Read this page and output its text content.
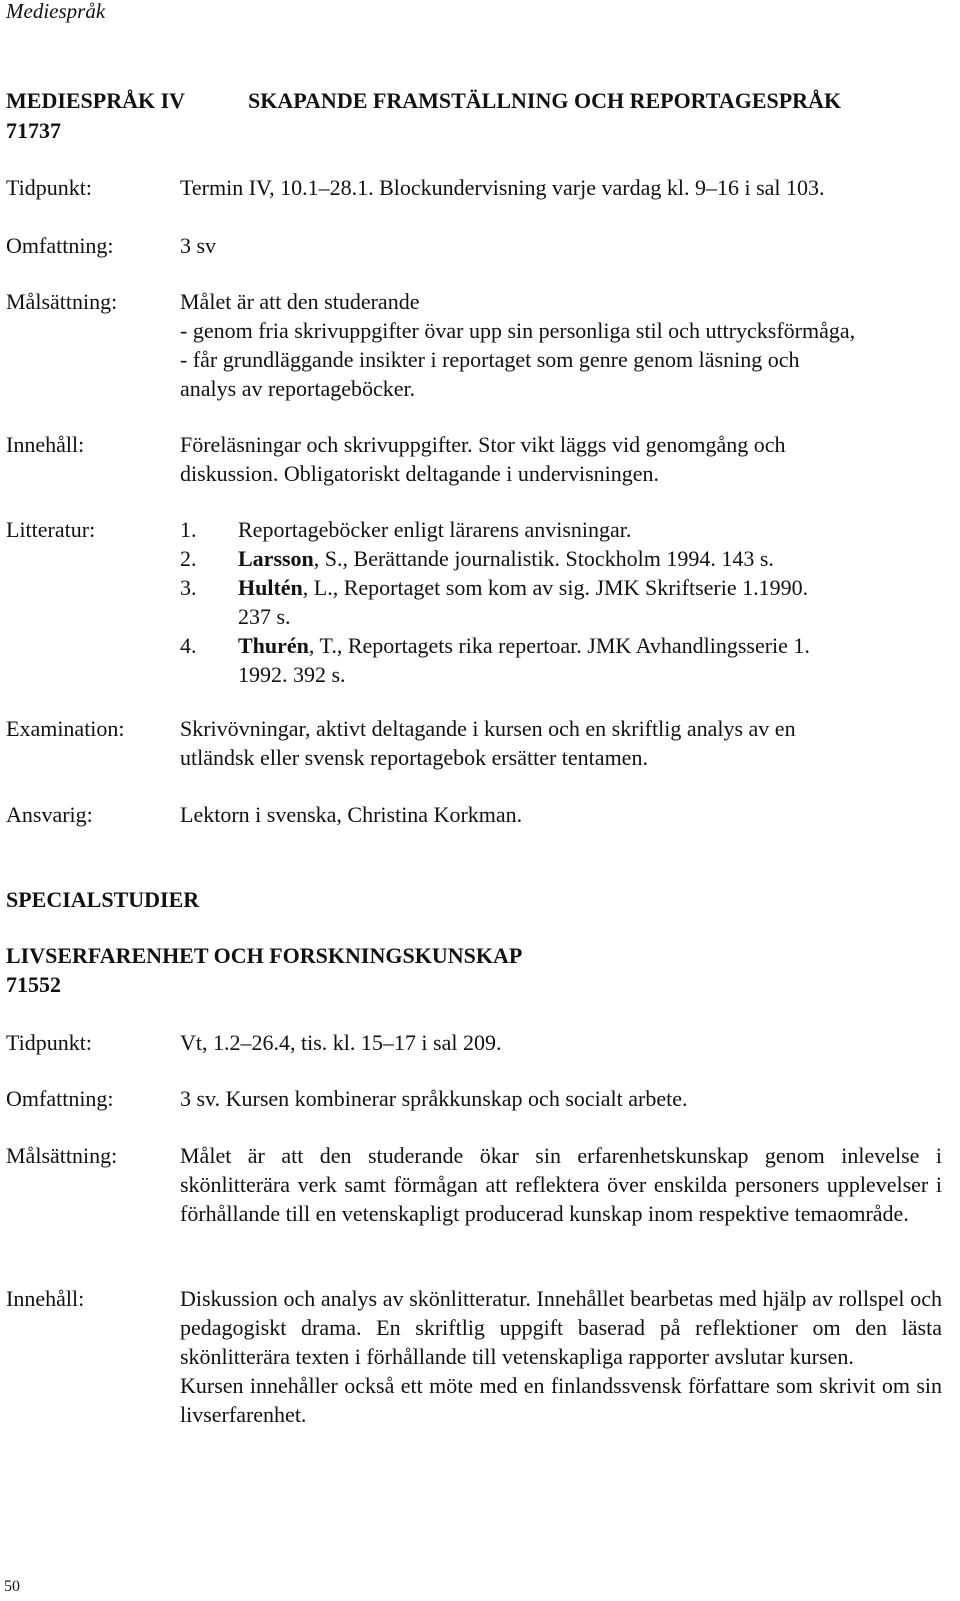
Mediespråk
MEDIESPRÅK IV
71737
SKAPANDE FRAMSTÄLLNING OCH REPORTAGESPRÅK
Tidpunkt:	Termin IV, 10.1–28.1. Blockundervisning varje vardag kl. 9–16 i sal 103.
Omfattning:	3 sv
Målsättning:	Målet är att den studerande
- genom fria skrivuppgifter övar upp sin personliga stil och uttrycksförmåga,
- får grundläggande insikter i reportaget som genre genom läsning och
analys av reportageböcker.
Innehåll:	Föreläsningar och skrivuppgifter. Stor vikt läggs vid genomgång och
diskussion. Obligatoriskt deltagande i undervisningen.
Litteratur:	1. Reportageböcker enligt lärarens anvisningar.
2. Larsson, S., Berättande journalistik. Stockholm 1994. 143 s.
3. Hultén, L., Reportaget som kom av sig. JMK Skriftserie 1.1990.
237 s.
4. Thurén, T., Reportagets rika repertoar. JMK Avhandlingsserie 1.
1992. 392 s.
Examination:	Skrivövningar, aktivt deltagande i kursen och en skriftlig analys av en
utländsk eller svensk reportagebok ersätter tentamen.
Ansvarig:	Lektorn i svenska, Christina Korkman.
SPECIALSTUDIER
LIVSERFARENHET OCH FORSKNINGSKUNSKAP
71552
Tidpunkt:	Vt, 1.2–26.4, tis. kl. 15–17 i sal 209.
Omfattning:	3 sv. Kursen kombinerar språkkunskap och socialt arbete.
Målsättning:	Målet är att den studerande ökar sin erfarenhetskunskap genom inlevelse i skönlitterära verk samt förmågan att reflektera över enskilda personers upplevelser i förhållande till en vetenskapligt producerad kunskap inom respektive temaområde.
Innehåll:	Diskussion och analys av skönlitteratur. Innehållet bearbetas med hjälp av rollspel och pedagogiskt drama. En skriftlig uppgift baserad på reflektioner om den lästa skönlitterära texten i förhållande till vetenskapliga rapporter avslutar kursen.
Kursen innehåller också ett möte med en finlandssvensk författare som skrivit om sin livserfarenhet.
50
